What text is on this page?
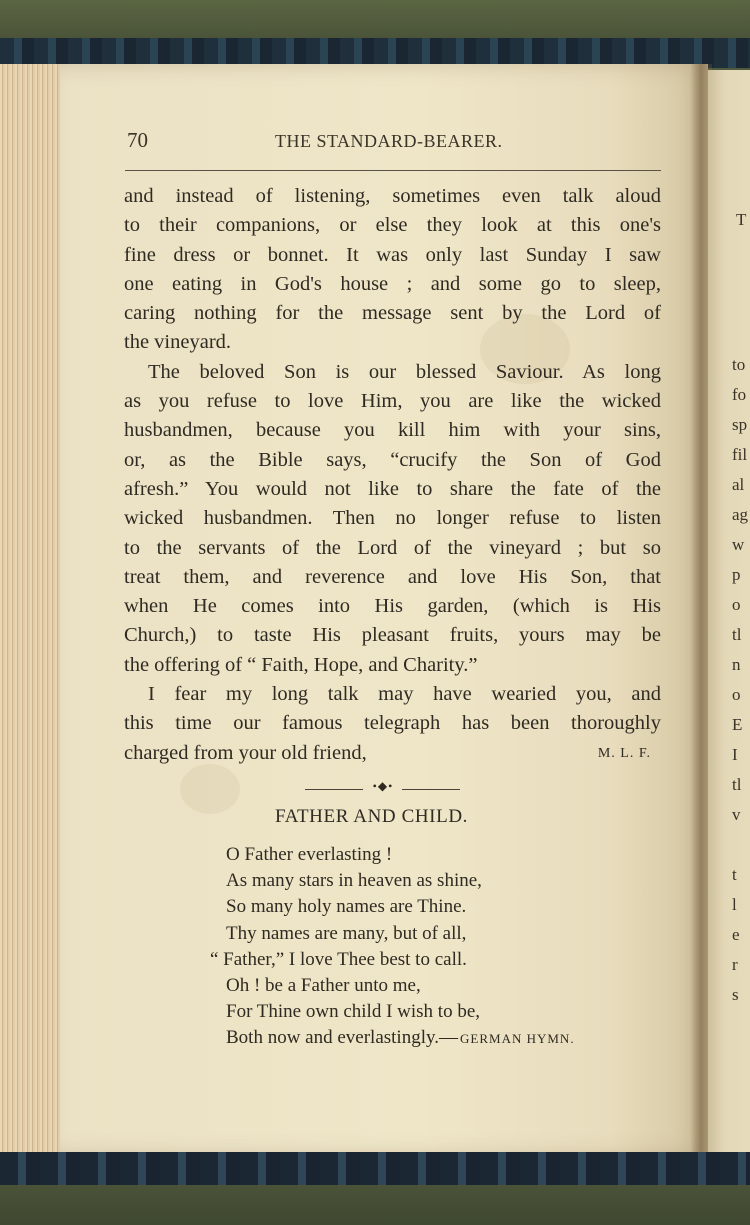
T
to
fo
sp
fil
al
ag
w
p
o
tl
n
o
E
I
tl
v
t
l
e
r
s
70	THE STANDARD-BEARER.
and instead of listening, sometimes even talk aloud
to their companions, or else they look at this one's
fine dress or bonnet. It was only last Sunday I saw
one eating in God's house ; and some go to sleep,
caring nothing for the message sent by the Lord of
the vineyard.
The beloved Son is our blessed Saviour. As long
as you refuse to love Him, you are like the wicked
husbandmen, because you kill him with your sins,
or, as the Bible says, “crucify the Son of God
afresh.” You would not like to share the fate of the
wicked husbandmen. Then no longer refuse to listen
to the servants of the Lord of the vineyard ; but so
treat them, and reverence and love His Son, that
when He comes into His garden, (which is His
Church,) to taste His pleasant fruits, yours may be
the offering of “ Faith, Hope, and Charity.”
I fear my long talk may have wearied you, and
this time our famous telegraph has been thoroughly
charged from your old friend,	M. L. F.
•◆•
FATHER AND CHILD.
O Father everlasting !
As many stars in heaven as shine,
So many holy names are Thine.
Thy names are many, but of all,
“ Father,” I love Thee best to call.
Oh ! be a Father unto me,
For Thine own child I wish to be,
Both now and everlastingly.— GERMAN HYMN.
